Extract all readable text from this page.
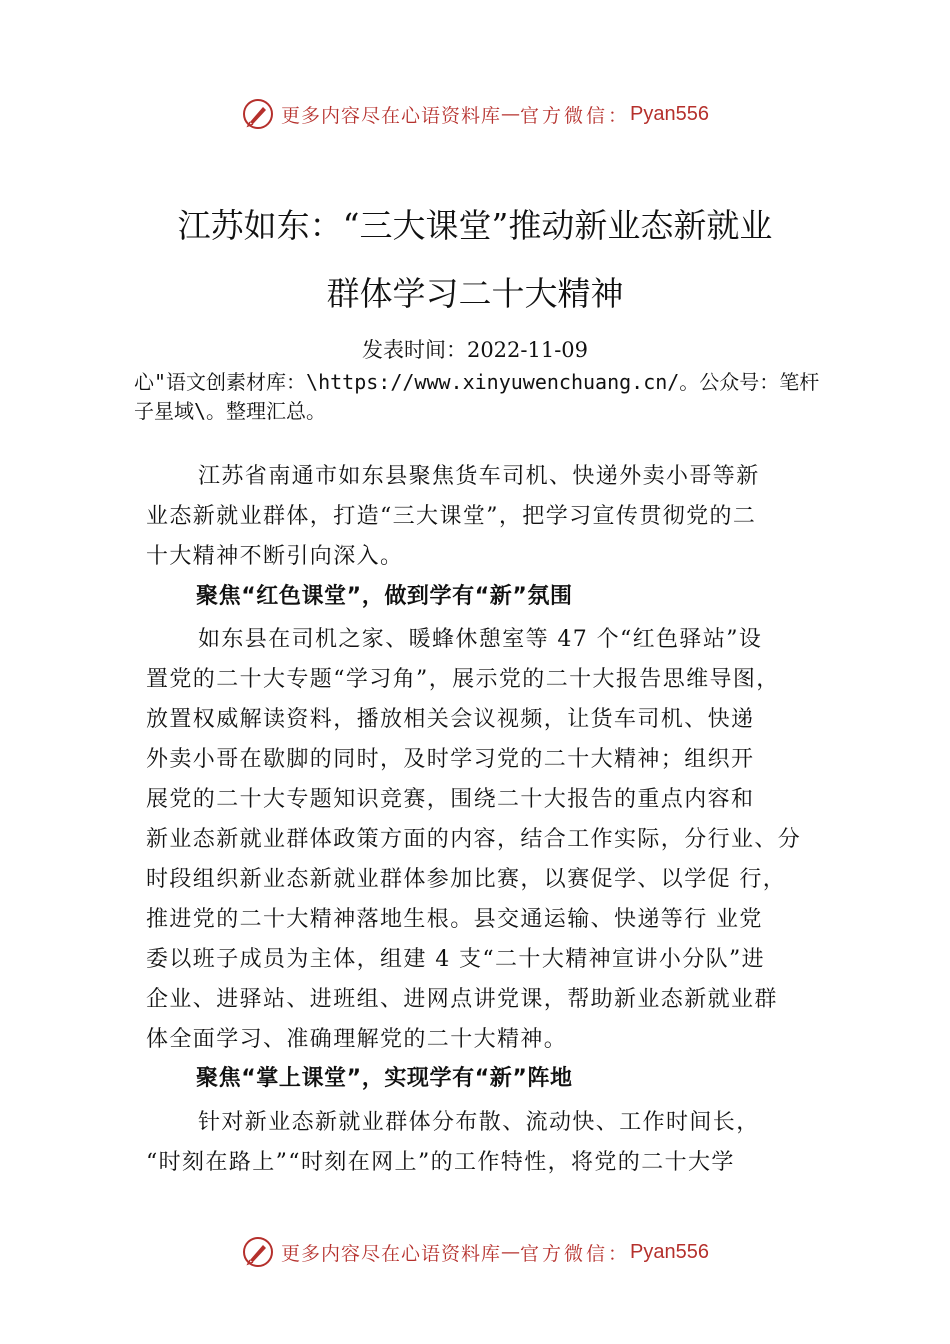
更多内容尽在心语资料库 — 官方微信： Pyan556
江苏如东：“三大课堂”推动新业态新就业
群体学习二十大精神
发表时间：2022-11-09
心"语文创素材库：\https://www.xinyuwenchuang.cn/。公众号：笔杆子星域\。整理汇总。
江苏省南通市如东县聚焦货车司机、快递外卖小哥等新
业态新就业群体，打造“三大课堂”，把学习宣传贯彻党的二
十大精神不断引向深入。
聚焦“红色课堂”，做到学有“新”氛围
如东县在司机之家、暖蜂休憩室等 47 个“红色驿站”设
置党的二十大专题“学习角”，展示党的二十大报告思维导图，
放置权威解读资料，播放相关会议视频，让货车司机、快递
外卖小哥在歇脚的同时，及时学习党的二十大精神；组织开
展党的二十大专题知识竞赛，围绕二十大报告的重点内容和
新业态新就业群体政策方面的内容，结合工作实际，分行业、分
时段组织新业态新就业群体参加比赛，以赛促学、以学促 行，
推进党的二十大精神落地生根。县交通运输、快递等行 业党
委以班子成员为主体，组建 4 支“二十大精神宣讲小分队”进
企业、进驿站、进班组、进网点讲党课，帮助新业态新就业群
体全面学习、准确理解党的二十大精神。
聚焦“掌上课堂”，实现学有“新”阵地
针对新业态新就业群体分布散、流动快、工作时间长，
“时刻在路上”“时刻在网上”的工作特性，将党的二十大学
更多内容尽在心语资料库 — 官方微信： Pyan556
